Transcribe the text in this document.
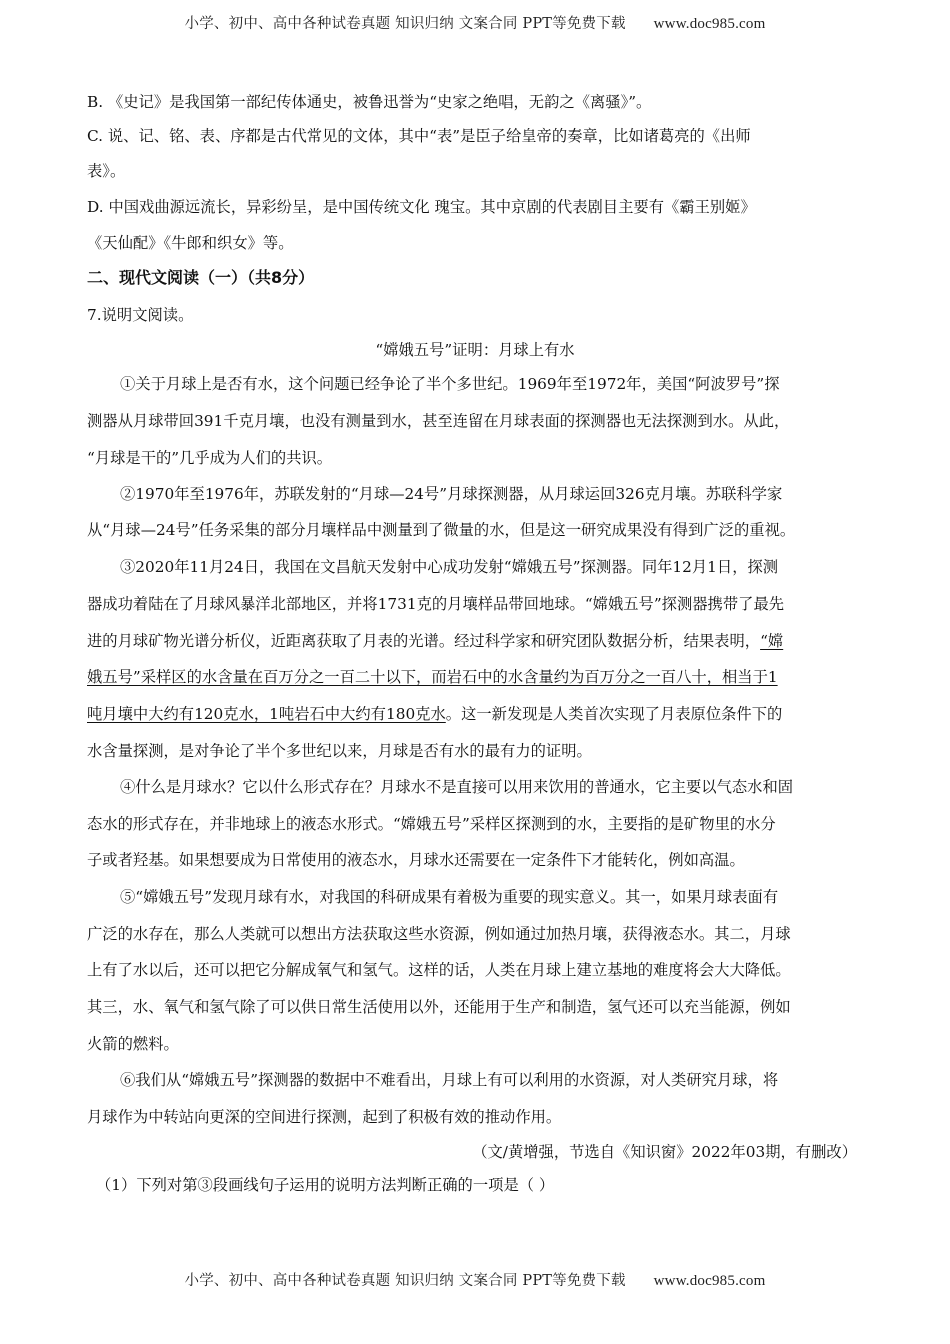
小学、初中、高中各种试卷真题 知识归纳 文案合同 PPT等免费下载 www.doc985.com
B. 《史记》是我国第一部纪传体通史，被鲁迅誉为“史家之绝唱，无韵之《离骚》”。
C. 说、记、铭、表、序都是古代常见的文体，其中“表”是臣子给皇帝的奏章，比如诸葛亮的《出师
表》。
D. 中国戏曲源远流长，异彩纷呈，是中国传统文化 瑰宝。其中京剧的代表剧目主要有《霸王别姬》
《天仙配》《牛郎和织女》等。
二、现代文阅读（一）（共8分）
7.说明文阅读。
“嫦娥五号”证明：月球上有水
①关于月球上是否有水，这个问题已经争论了半个多世纪。1969年至1972年，美国“阿波罗号”探
测器从月球带回391千克月壤，也没有测量到水，甚至连留在月球表面的探测器也无法探测到水。从此，
“月球是干的”几乎成为人们的共识。
②1970年至1976年，苏联发射的“月球—24号”月球探测器，从月球运回326克月壤。苏联科学家
从“月球—24号”任务采集的部分月壤样品中测量到了微量的水，但是这一研究成果没有得到广泛的重视。
③2020年11月24日，我国在文昌航天发射中心成功发射“嫦娥五号”探测器。同年12月1日，探测
器成功着陆在了月球风暴洋北部地区，并将1731克的月壤样品带回地球。“嫦娥五号”探测器携带了最先
进的月球矿物光谱分析仪，近距离获取了月表的光谱。经过科学家和研究团队数据分析，结果表明，“嫦
娥五号”采样区的水含量在百万分之一百二十以下，而岩石中的水含量约为百万分之一百八十，相当于1
吨月壤中大约有120克水，1吨岩石中大约有180克水。这一新发现是人类首次实现了月表原位条件下的
水含量探测，是对争论了半个多世纪以来，月球是否有水的最有力的证明。
④什么是月球水？它以什么形式存在？月球水不是直接可以用来饮用的普通水，它主要以气态水和固
态水的形式存在，并非地球上的液态水形式。“嫦娥五号”采样区探测到的水，主要指的是矿物里的水分
子或者羟基。如果想要成为日常使用的液态水，月球水还需要在一定条件下才能转化，例如高温。
⑤“嫦娥五号”发现月球有水，对我国的科研成果有着极为重要的现实意义。其一，如果月球表面有
广泛的水存在，那么人类就可以想出方法获取这些水资源，例如通过加热月壤，获得液态水。其二，月球
上有了水以后，还可以把它分解成氧气和氢气。这样的话，人类在月球上建立基地的难度将会大大降低。
其三，水、氧气和氢气除了可以供日常生活使用以外，还能用于生产和制造，氢气还可以充当能源，例如
火箭的燃料。
⑥我们从“嫦娥五号”探测器的数据中不难看出，月球上有可以利用的水资源，对人类研究月球，将
月球作为中转站向更深的空间进行探测，起到了积极有效的推动作用。
（文/黄增强，节选自《知识窗》2022年03期，有删改）
（1）下列对第③段画线句子运用的说明方法判断正确的一项是（ ）
小学、初中、高中各种试卷真题 知识归纳 文案合同 PPT等免费下载 www.doc985.com
